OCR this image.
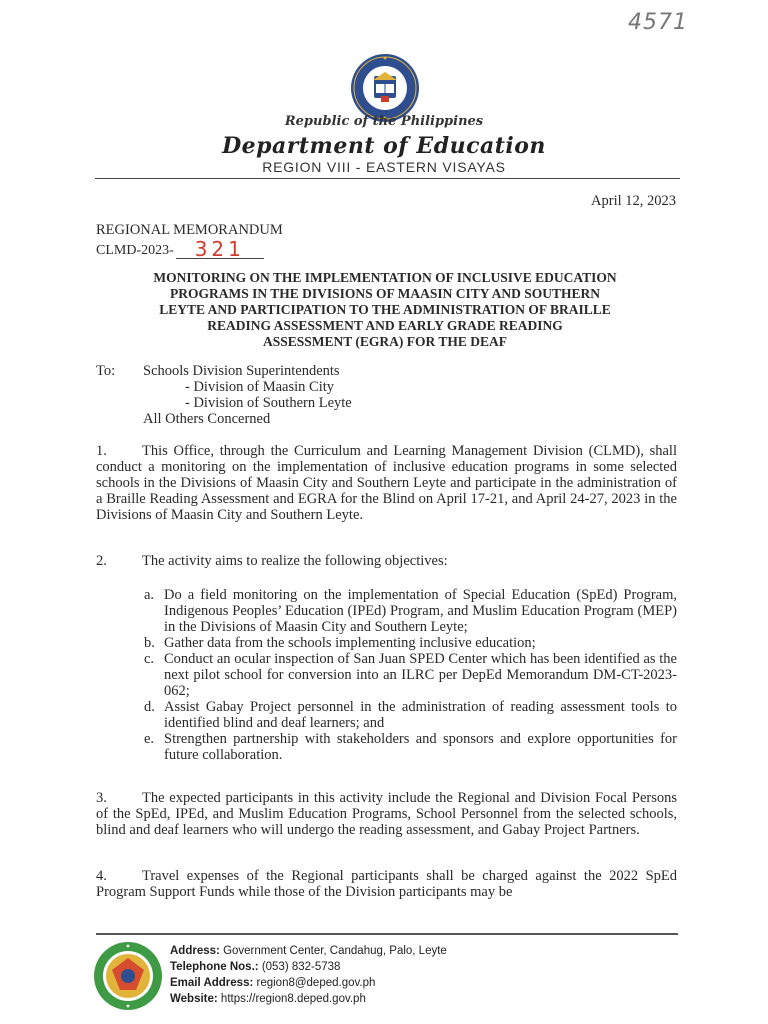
4571
Republic of the Philippines
Department of Education
REGION VIII - EASTERN VISAYAS
April 12, 2023
REGIONAL MEMORANDUM
CLMD-2023-	321
MONITORING ON THE IMPLEMENTATION OF INCLUSIVE EDUCATION
PROGRAMS IN THE DIVISIONS OF MAASIN CITY AND SOUTHERN
LEYTE AND PARTICIPATION TO THE ADMINISTRATION OF BRAILLE
READING ASSESSMENT AND EARLY GRADE READING
ASSESSMENT (EGRA) FOR THE DEAF
To: Schools Division Superintendents
- Division of Maasin City
- Division of Southern Leyte
All Others Concerned
1. This Office, through the Curriculum and Learning Management Division (CLMD), shall conduct a monitoring on the implementation of inclusive education programs in some selected schools in the Divisions of Maasin City and Southern Leyte and participate in the administration of a Braille Reading Assessment and EGRA for the Blind on April 17-21, and April 24-27, 2023 in the Divisions of Maasin City and Southern Leyte.
2. The activity aims to realize the following objectives:
a. Do a field monitoring on the implementation of Special Education (SpEd) Program, Indigenous Peoples’ Education (IPEd) Program, and Muslim Education Program (MEP) in the Divisions of Maasin City and Southern Leyte;
b. Gather data from the schools implementing inclusive education;
c. Conduct an ocular inspection of San Juan SPED Center which has been identified as the next pilot school for conversion into an ILRC per DepEd Memorandum DM-CT-2023-062;
d. Assist Gabay Project personnel in the administration of reading assessment tools to identified blind and deaf learners; and
e. Strengthen partnership with stakeholders and sponsors and explore opportunities for future collaboration.
3. The expected participants in this activity include the Regional and Division Focal Persons of the SpEd, IPEd, and Muslim Education Programs, School Personnel from the selected schools, blind and deaf learners who will undergo the reading assessment, and Gabay Project Partners.
4. Travel expenses of the Regional participants shall be charged against the 2022 SpEd Program Support Funds while those of the Division participants may be
Address: Government Center, Candahug, Palo, Leyte
Telephone Nos.: (053) 832-5738
Email Address: region8@deped.gov.ph
Website: https://region8.deped.gov.ph
